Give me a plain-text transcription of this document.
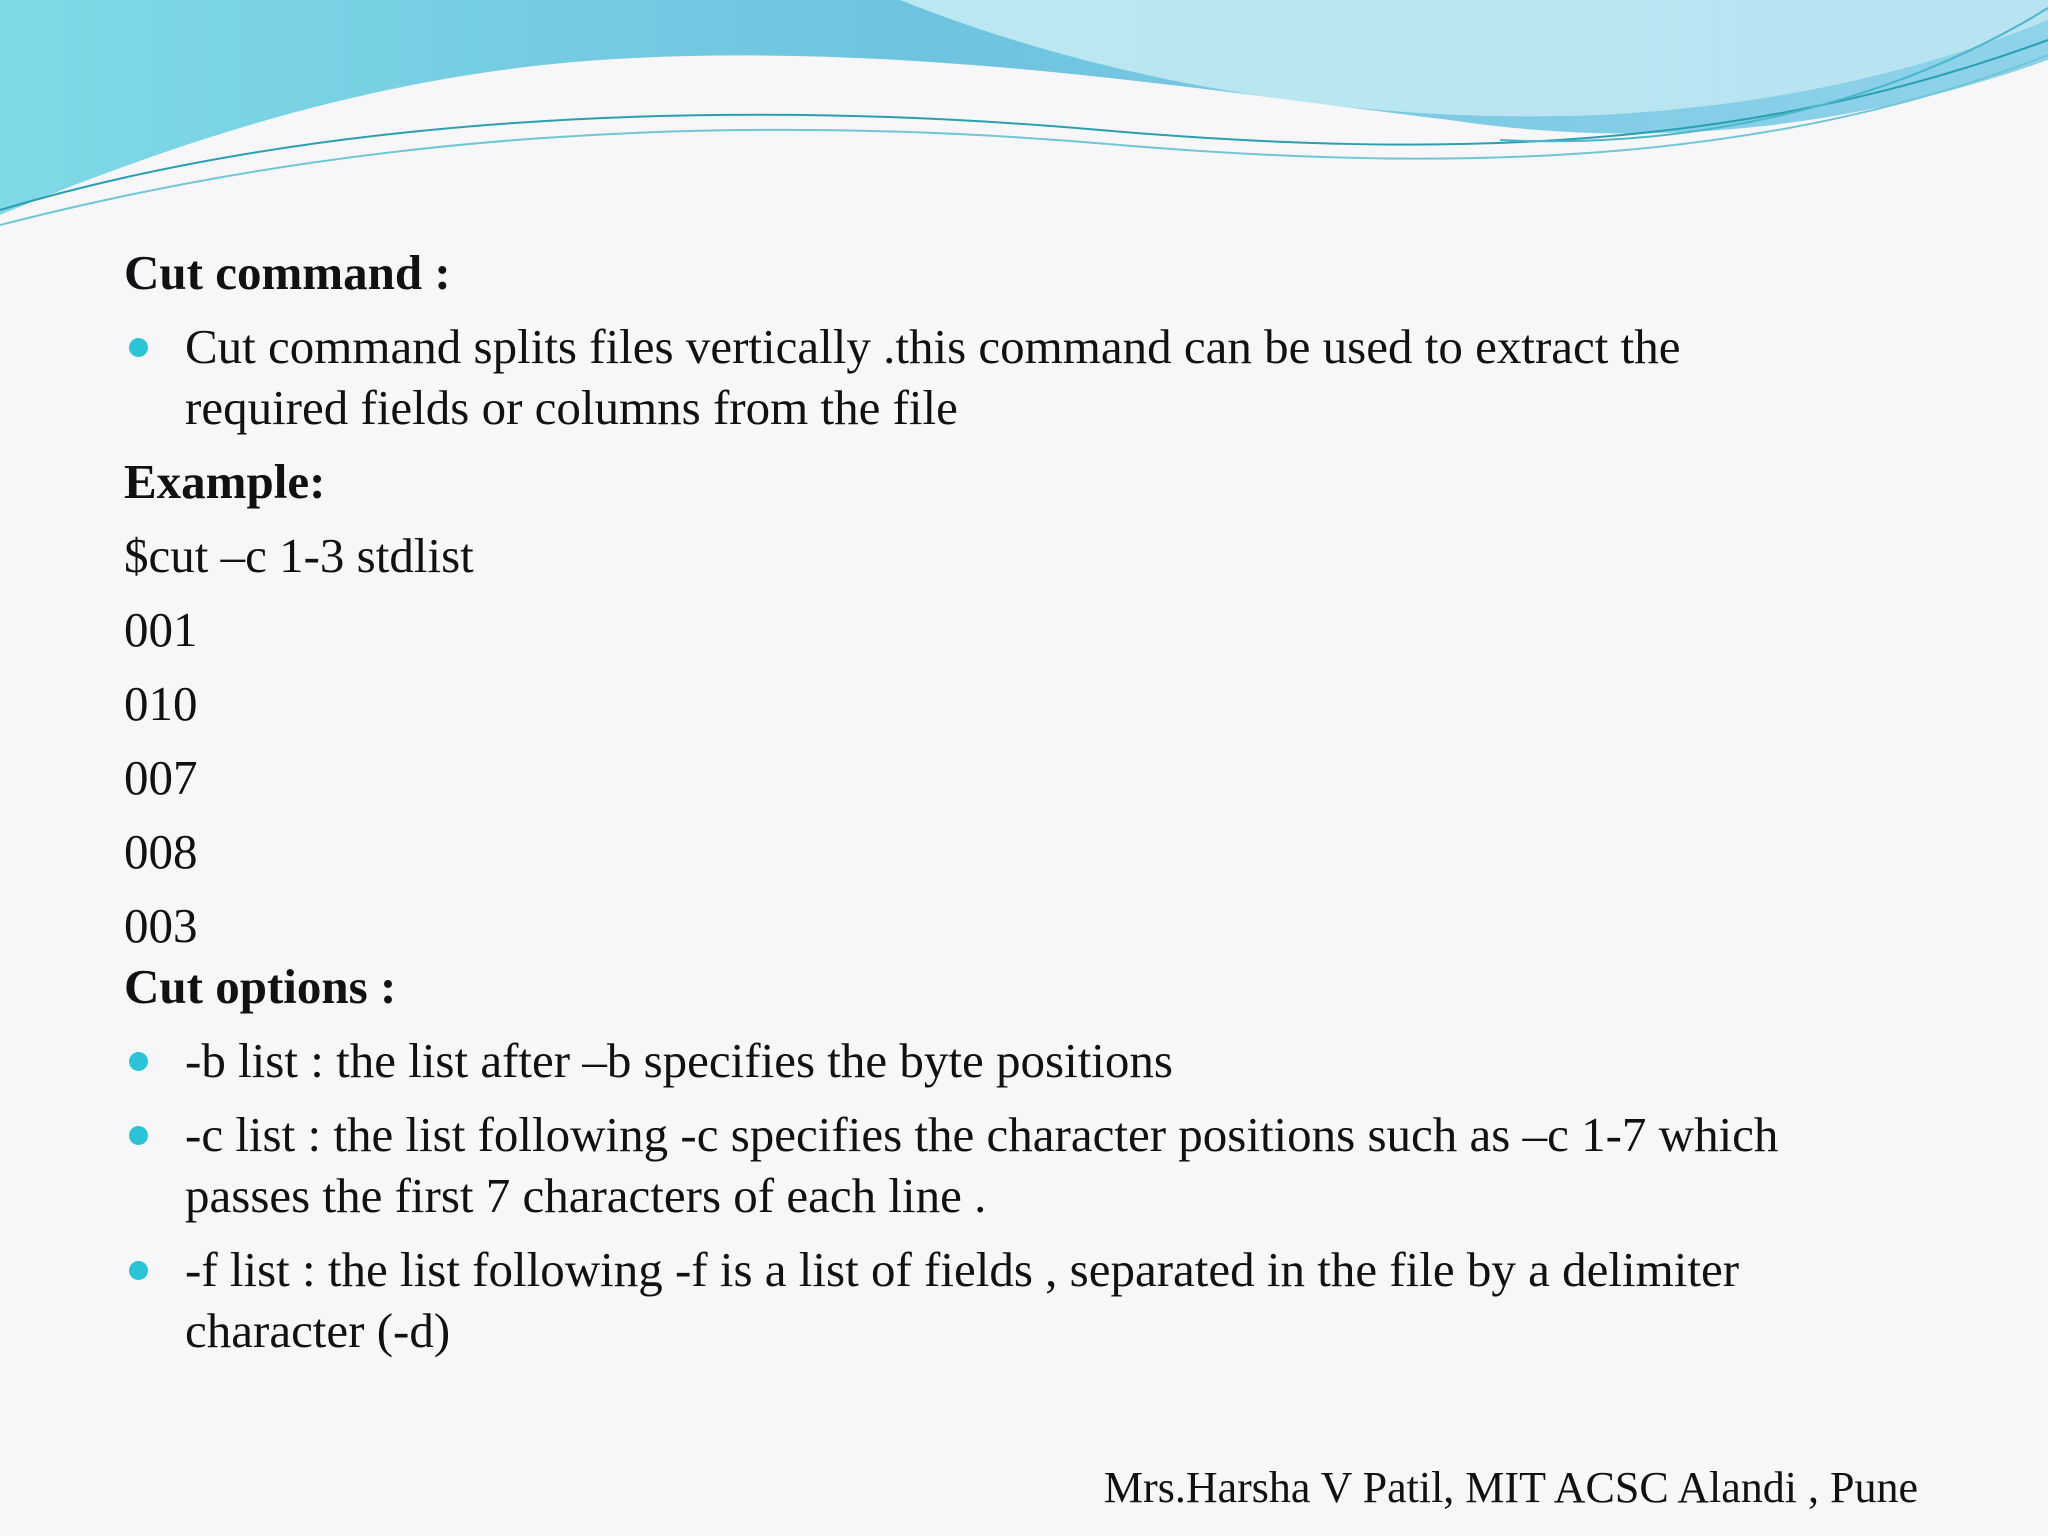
Cut command :

Cut command splits files vertically .this command can be used to extract the
required fields or columns from the file

Example:

$cut –c 1-3 stdlist

001

010

007

008

003

Cut options :

-b list : the list after –b specifies the byte positions
-c list : the list following -c specifies the character positions such as –c 1-7 which
passes the first 7 characters of each line .
-f list : the list following -f is a list of fields , separated in the file by a delimiter
character (-d)
Mrs.Harsha V Patil, MIT ACSC Alandi , Pune
